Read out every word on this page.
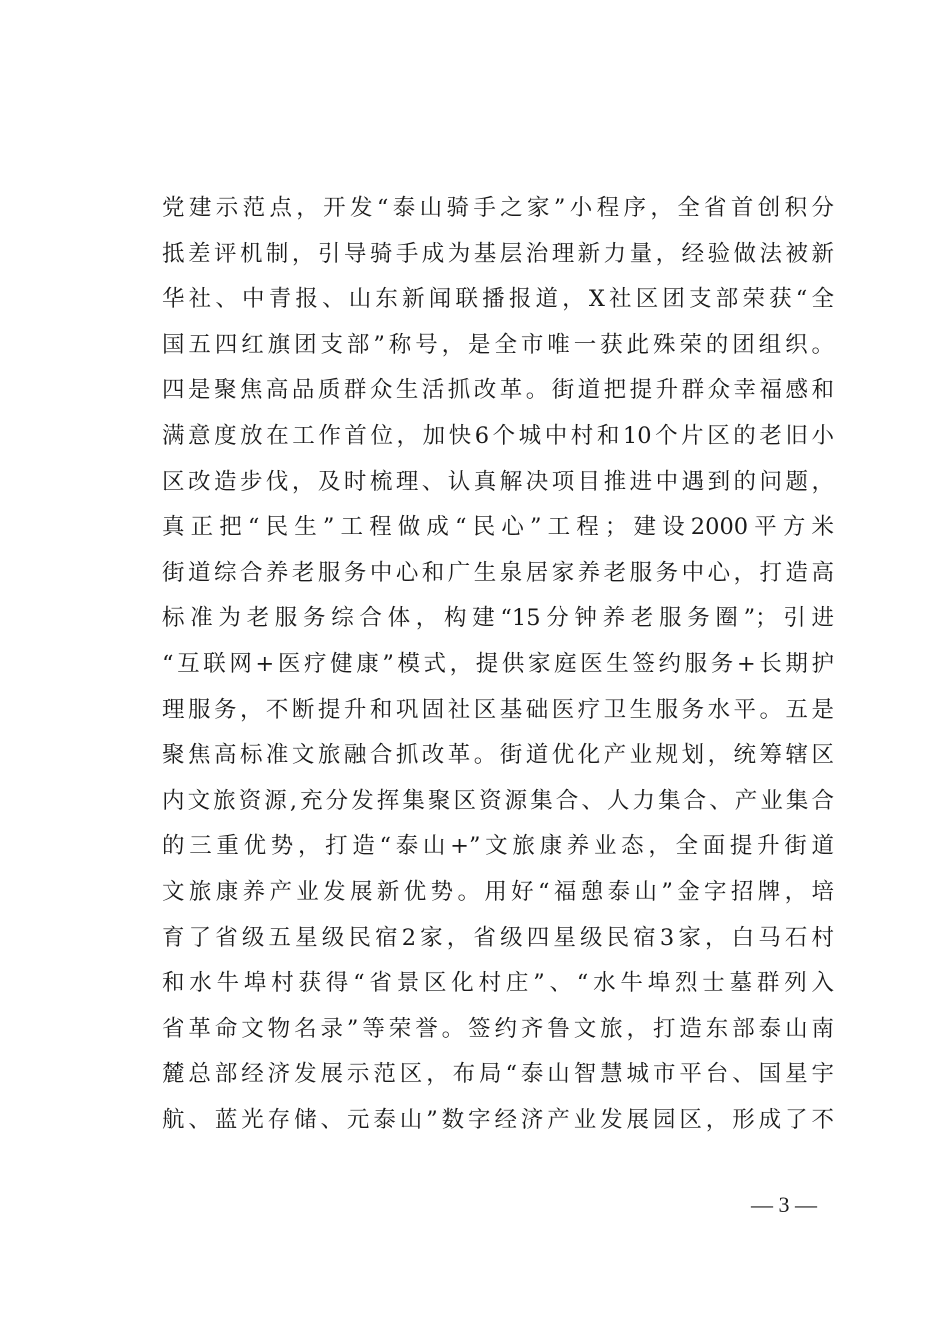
党建示范点，开发“泰山骑手之家”小程序，全省首创积分
抵差评机制，引导骑手成为基层治理新力量，经验做法被新
华社、中青报、山东新闻联播报道，X社区团支部荣获“全
国五四红旗团支部”称号，是全市唯一获此殊荣的团组织。
四是聚焦高品质群众生活抓改革。街道把提升群众幸福感和
满意度放在工作首位，加快6个城中村和10个片区的老旧小
区改造步伐，及时梳理、认真解决项目推进中遇到的问题，
真正把“民生”工程做成“民心”工程；建设2000平方米
街道综合养老服务中心和广生泉居家养老服务中心，打造高
标准为老服务综合体，构建“15分钟养老服务圈”；引进
“互联网+医疗健康”模式，提供家庭医生签约服务+长期护
理服务，不断提升和巩固社区基础医疗卫生服务水平。五是
聚焦高标准文旅融合抓改革。街道优化产业规划，统筹辖区
内文旅资源,充分发挥集聚区资源集合、人力集合、产业集合
的三重优势，打造“泰山+”文旅康养业态，全面提升街道
文旅康养产业发展新优势。用好“福憩泰山”金字招牌，培
育了省级五星级民宿2家，省级四星级民宿3家，白马石村
和水牛埠村获得“省景区化村庄”、“水牛埠烈士墓群列入
省革命文物名录”等荣誉。签约齐鲁文旅，打造东部泰山南
麓总部经济发展示范区，布局“泰山智慧城市平台、国星宇
航、蓝光存储、元泰山”数字经济产业发展园区，形成了不
— 3 —
